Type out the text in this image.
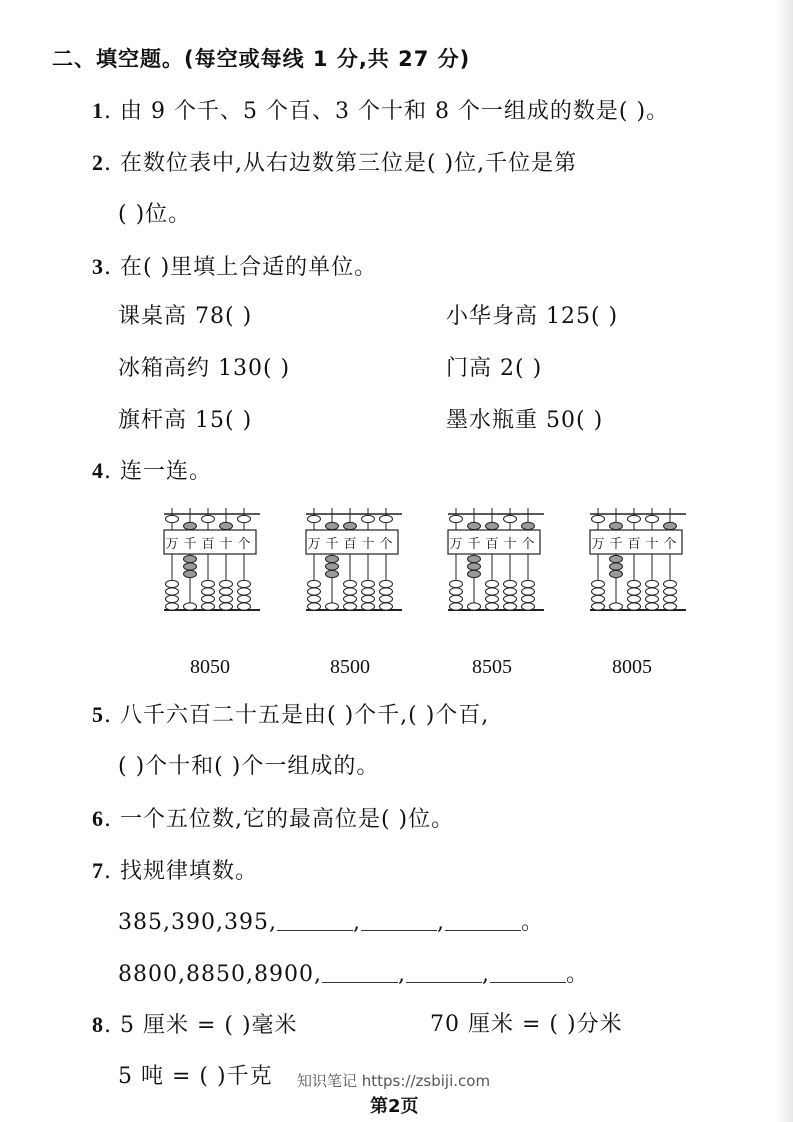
二、填空题。(每空或每线 1 分,共 27 分)
1. 由 9 个千、5 个百、3 个十和 8 个一组成的数是( )。
2. 在数位表中,从右边数第三位是( )位,千位是第
( )位。
3. 在( )里填上合适的单位。
课桌高 78( )	小华身高 125( )
冰箱高约 130( )	门高 2( )
旗杆高 15( )	墨水瓶重 50( )
4. 连一连。
万 千 百 十 个	万 千 百 十 个	万 千 百 十 个	万 千 百 十 个
8050	8500	8505	8005
5. 八千六百二十五是由( )个千,( )个百,
( )个十和( )个一组成的。
6. 一个五位数,它的最高位是( )位。
7. 找规律填数。
385,390,395,	,	,	。
8800,8850,8900,	,	,	。
8. 5 厘米 = ( )毫米	70 厘米 = ( )分米
5 吨 = ( )千克 知识笔记 https://zsbiji.com
第2页
